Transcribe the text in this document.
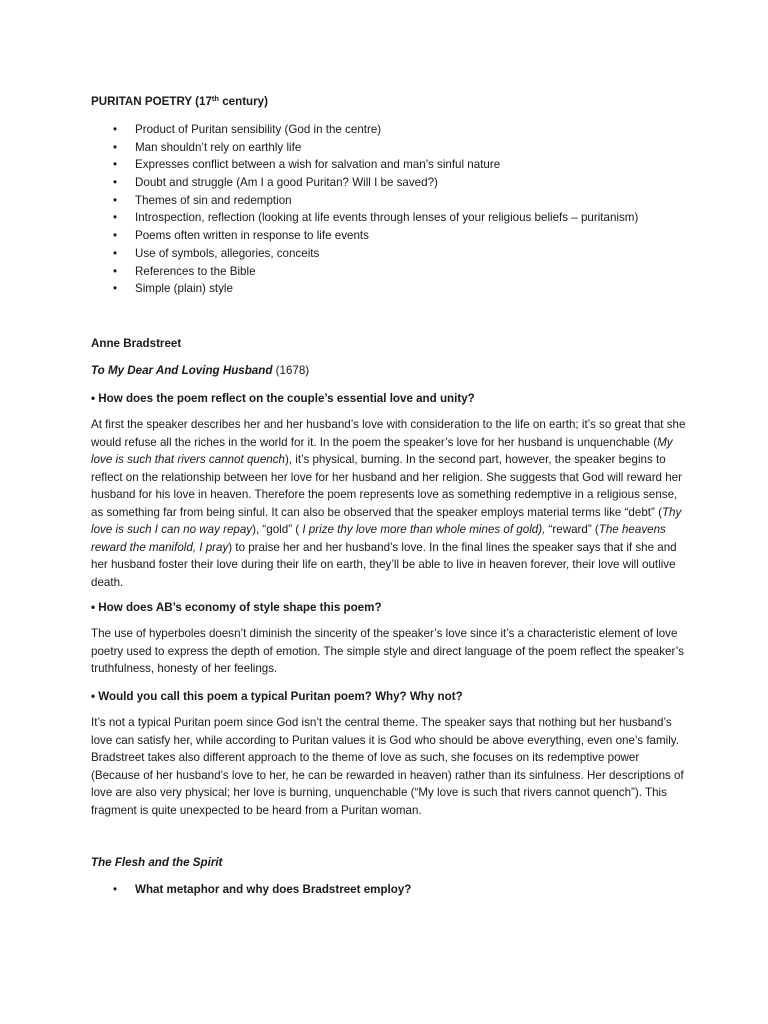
PURITAN POETRY (17th century)
• Product of Puritan sensibility (God in the centre)
• Man shouldn’t rely on earthly life
• Expresses conflict between a wish for salvation and man’s sinful nature
• Doubt and struggle (Am I a good Puritan? Will I be saved?)
• Themes of sin and redemption
• Introspection, reflection (looking at life events through lenses of your religious beliefs – puritanism)
• Poems often written in response to life events
• Use of symbols, allegories, conceits
• References to the Bible
• Simple (plain) style
Anne Bradstreet
To My Dear And Loving Husband (1678)
• How does the poem reflect on the couple’s essential love and unity?

At first the speaker describes her and her husband’s love with consideration to the life on earth; it’s so great that she would refuse all the riches in the world for it. In the poem the speaker’s love for her husband is unquenchable (My love is such that rivers cannot quench), it’s physical, burning. In the second part, however, the speaker begins to reflect on the relationship between her love for her husband and her religion. She suggests that God will reward her husband for his love in heaven. Therefore the poem represents love as something redemptive in a religious sense, as something far from being sinful. It can also be observed that the speaker employs material terms like “debt” (Thy love is such I can no way repay), “gold” ( I prize thy love more than whole mines of gold), “reward” (The heavens reward the manifold, I pray) to praise her and her husband’s love. In the final lines the speaker says that if she and her husband foster their love during their life on earth, they’ll be able to live in heaven forever, their love will outlive death.

• How does AB’s economy of style shape this poem?

The use of hyperboles doesn’t diminish the sincerity of the speaker’s love since it’s a characteristic element of love poetry used to express the depth of emotion. The simple style and direct language of the poem reflect the speaker’s truthfulness, honesty of her feelings.

• Would you call this poem a typical Puritan poem? Why? Why not?

It’s not a typical Puritan poem since God isn’t the central theme. The speaker says that nothing but her husband’s love can satisfy her, while according to Puritan values it is God who should be above everything, even one’s family. Bradstreet takes also different approach to the theme of love as such, she focuses on its redemptive power (Because of her husband’s love to her, he can be rewarded in heaven) rather than its sinfulness. Her descriptions of love are also very physical; her love is burning, unquenchable (“My love is such that rivers cannot quench”). This fragment is quite unexpected to be heard from a Puritan woman.

The Flesh and the Spirit
• What metaphor and why does Bradstreet employ?
